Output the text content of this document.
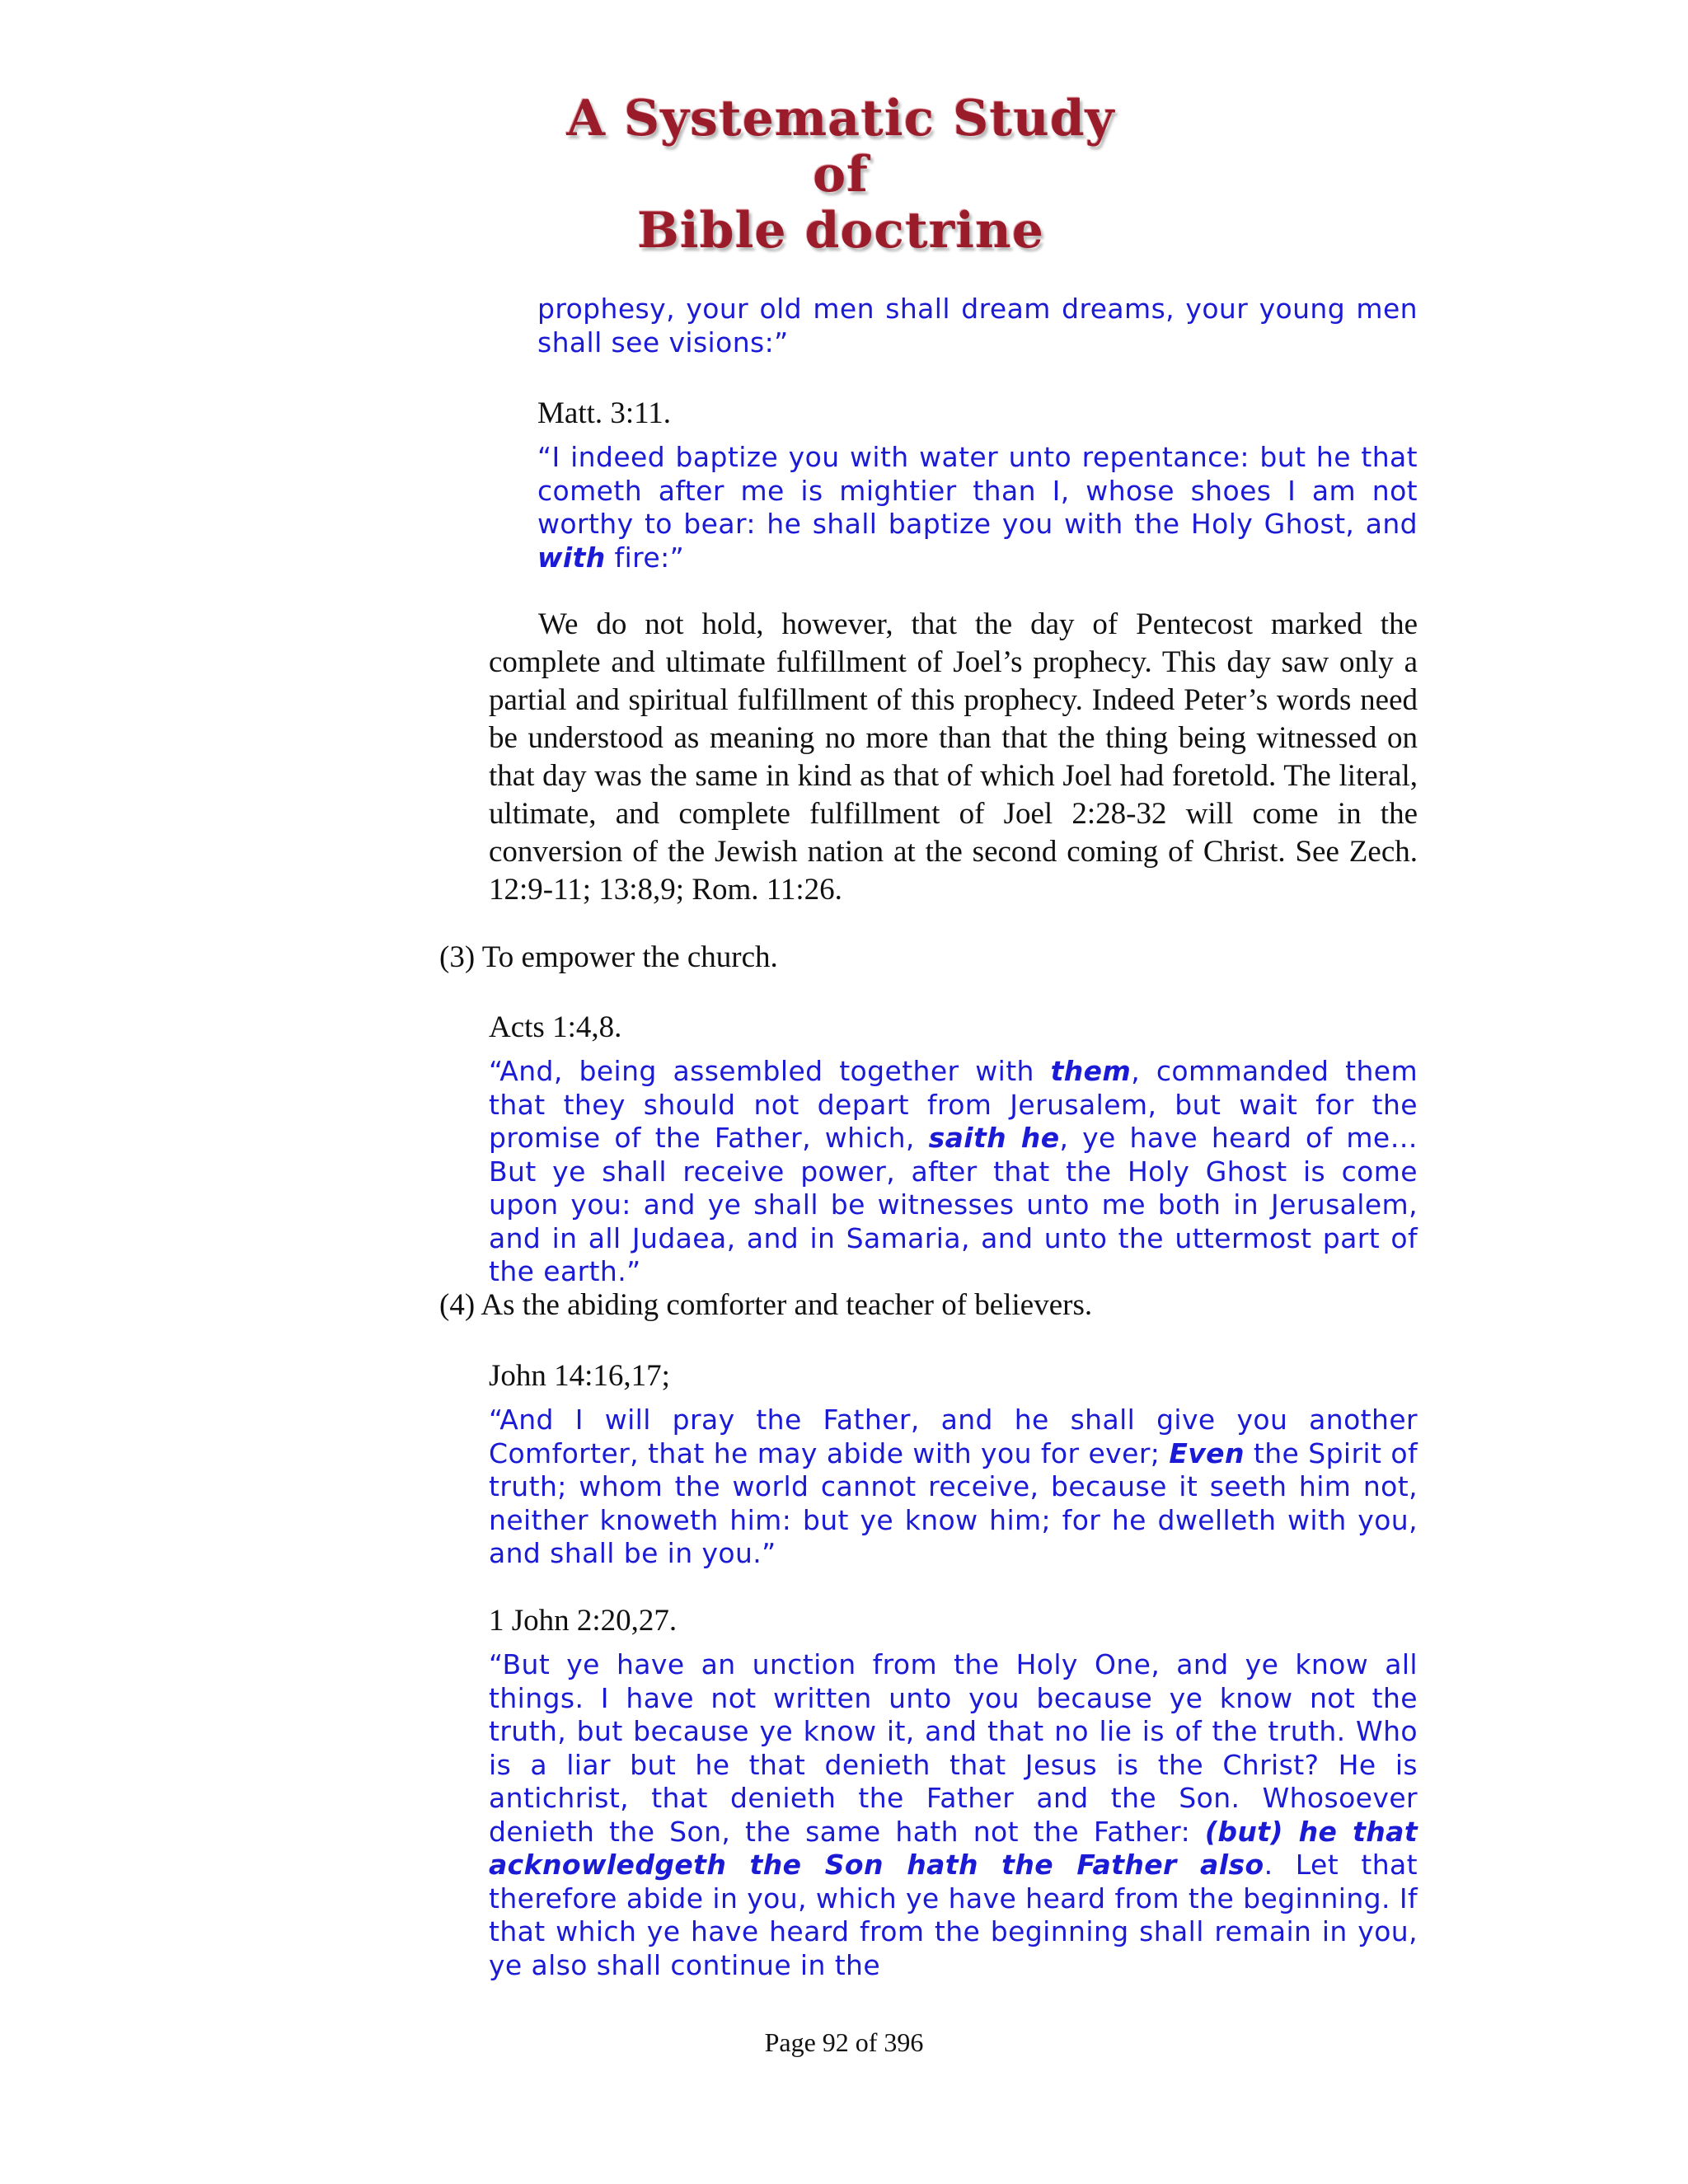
A Systematic Study of
Bible doctrine

prophesy, your old men shall dream dreams, your young men shall see visions:”

Matt. 3:11.

“I indeed baptize you with water unto repentance: but he that cometh after me is mightier than I, whose shoes I am not worthy to bear: he shall baptize you with the Holy Ghost, and with fire:”

We do not hold, however, that the day of Pentecost marked the complete and ultimate fulfillment of Joel’s prophecy. This day saw only a partial and spiritual fulfillment of this prophecy. Indeed Peter’s words need be understood as meaning no more than that the thing being witnessed on that day was the same in kind as that of which Joel had foretold. The literal, ultimate, and complete fulfillment of Joel 2:28-32 will come in the conversion of the Jewish nation at the second coming of Christ. See Zech. 12:9-11; 13:8,9; Rom. 11:26.

(3) To empower the church.

Acts 1:4,8.

“And, being assembled together with them, commanded them that they should not depart from Jerusalem, but wait for the promise of the Father, which, saith he, ye have heard of me… But ye shall receive power, after that the Holy Ghost is come upon you: and ye shall be witnesses unto me both in Jerusalem, and in all Judaea, and in Samaria, and unto the uttermost part of the earth.”

(4) As the abiding comforter and teacher of believers.

John 14:16,17;

“And I will pray the Father, and he shall give you another Comforter, that he may abide with you for ever; Even the Spirit of truth; whom the world cannot receive, because it seeth him not, neither knoweth him: but ye know him; for he dwelleth with you, and shall be in you.”

1 John 2:20,27.

“But ye have an unction from the Holy One, and ye know all things. I have not written unto you because ye know not the truth, but because ye know it, and that no lie is of the truth. Who is a liar but he that denieth that Jesus is the Christ? He is antichrist, that denieth the Father and the Son. Whosoever denieth the Son, the same hath not the Father: (but) he that acknowledgeth the Son hath the Father also. Let that therefore abide in you, which ye have heard from the beginning. If that which ye have heard from the beginning shall remain in you, ye also shall continue in the

Page 92 of 396
